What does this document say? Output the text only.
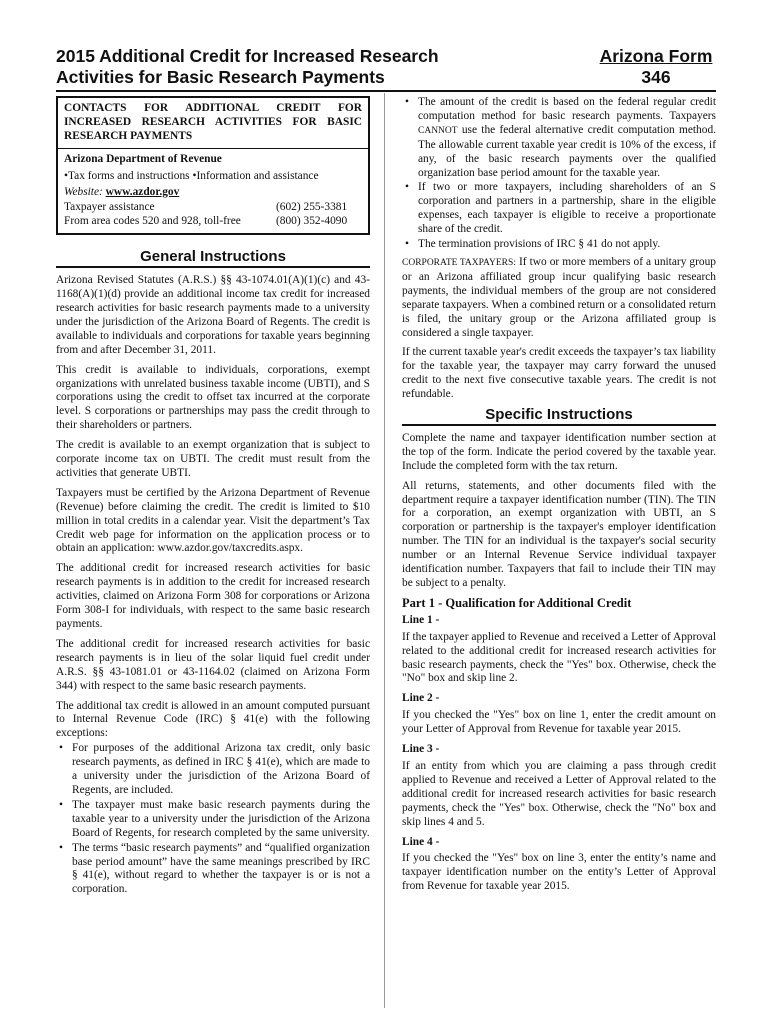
2015 Additional Credit for Increased Research
Activities for Basic Research Payments
Arizona Form
346
CONTACTS FOR ADDITIONAL CREDIT FOR INCREASED RESEARCH ACTIVITIES FOR BASIC RESEARCH PAYMENTS
Arizona Department of Revenue
•Tax forms and instructions •Information and assistance
Website: www.azdor.gov
Taxpayer assistance	(602) 255-3381
From area codes 520 and 928, toll-free	(800) 352-4090
General Instructions

Arizona Revised Statutes (A.R.S.) §§ 43-1074.01(A)(1)(c) and 43-1168(A)(1)(d) provide an additional income tax credit for increased research activities for basic research payments made to a university under the jurisdiction of the Arizona Board of Regents. The credit is available to individuals and corporations for taxable years beginning from and after December 31, 2011.

This credit is available to individuals, corporations, exempt organizations with unrelated business taxable income (UBTI), and S corporations using the credit to offset tax incurred at the corporate level. S corporations or partnerships may pass the credit through to their shareholders or partners.

The credit is available to an exempt organization that is subject to corporate income tax on UBTI. The credit must result from the activities that generate UBTI.

Taxpayers must be certified by the Arizona Department of Revenue (Revenue) before claiming the credit. The credit is limited to $10 million in total credits in a calendar year. Visit the department’s Tax Credit web page for information on the application process or to obtain an application: www.azdor.gov/taxcredits.aspx.

The additional credit for increased research activities for basic research payments is in addition to the credit for increased research activities, claimed on Arizona Form 308 for corporations or Arizona Form 308-I for individuals, with respect to the same basic research payments.

The additional credit for increased research activities for basic research payments is in lieu of the solar liquid fuel credit under A.R.S. §§ 43-1081.01 or 43-1164.02 (claimed on Arizona Form 344) with respect to the same basic research payments.

The additional tax credit is allowed in an amount computed pursuant to Internal Revenue Code (IRC) § 41(e) with the following exceptions:

• For purposes of the additional Arizona tax credit, only basic research payments, as defined in IRC § 41(e), which are made to a university under the jurisdiction of the Arizona Board of Regents, are included.
• The taxpayer must make basic research payments during the taxable year to a university under the jurisdiction of the Arizona Board of Regents, for research completed by the same university.
• The terms “basic research payments” and “qualified organization base period amount” have the same meanings prescribed by IRC § 41(e), without regard to whether the taxpayer is or is not a corporation.
• The amount of the credit is based on the federal regular credit computation method for basic research payments. Taxpayers CANNOT use the federal alternative credit computation method. The allowable current taxable year credit is 10% of the excess, if any, of the basic research payments over the qualified organization base period amount for the taxable year.
• If two or more taxpayers, including shareholders of an S corporation and partners in a partnership, share in the eligible expenses, each taxpayer is eligible to receive a proportionate share of the credit.
• The termination provisions of IRC § 41 do not apply.

CORPORATE TAXPAYERS: If two or more members of a unitary group or an Arizona affiliated group incur qualifying basic research payments, the individual members of the group are not considered separate taxpayers. When a combined return or a consolidated return is filed, the unitary group or the Arizona affiliated group is considered a single taxpayer.

If the current taxable year's credit exceeds the taxpayer’s tax liability for the taxable year, the taxpayer may carry forward the unused credit to the next five consecutive taxable years. The credit is not refundable.

Specific Instructions

Complete the name and taxpayer identification number section at the top of the form. Indicate the period covered by the taxable year. Include the completed form with the tax return.

All returns, statements, and other documents filed with the department require a taxpayer identification number (TIN). The TIN for a corporation, an exempt organization with UBTI, an S corporation or partnership is the taxpayer's employer identification number. The TIN for an individual is the taxpayer's social security number or an Internal Revenue Service individual taxpayer identification number. Taxpayers that fail to include their TIN may be subject to a penalty.

Part 1 - Qualification for Additional Credit
Line 1 -

If the taxpayer applied to Revenue and received a Letter of Approval related to the additional credit for increased research activities for basic research payments, check the "Yes" box. Otherwise, check the "No" box and skip line 2.

Line 2 -

If you checked the "Yes" box on line 1, enter the credit amount on your Letter of Approval from Revenue for taxable year 2015.

Line 3 -

If an entity from which you are claiming a pass through credit applied to Revenue and received a Letter of Approval related to the additional credit for increased research activities for basic research payments, check the "Yes" box. Otherwise, check the "No" box and skip lines 4 and 5.

Line 4 -

If you checked the "Yes" box on line 3, enter the entity’s name and taxpayer identification number on the entity’s Letter of Approval from Revenue for taxable year 2015.
